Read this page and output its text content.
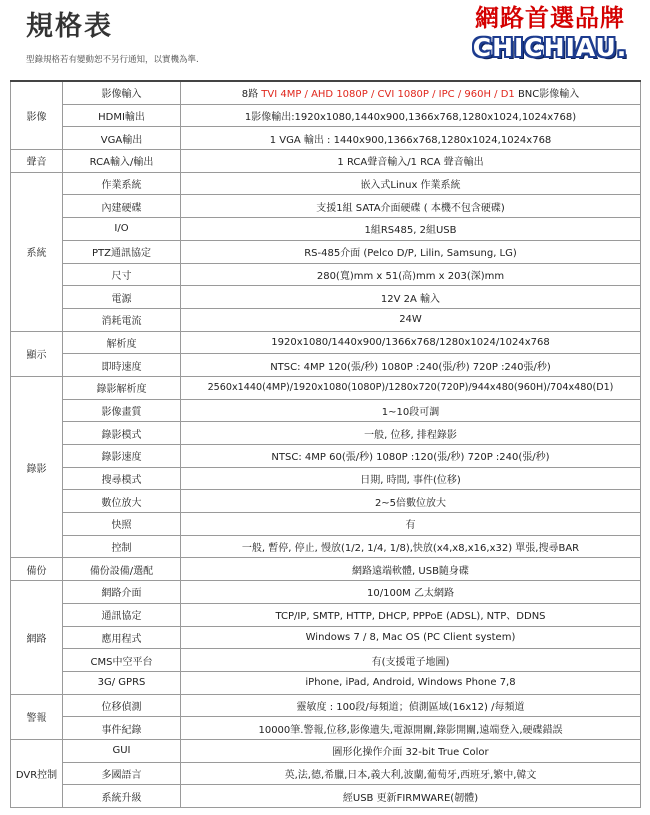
規格表
型錄規格若有變動恕不另行通知，以實機為準.
網路首選品牌
CHICHIAU.
影像	影像輸入	8路 TVI 4MP / AHD 1080P / CVI 1080P / IPC / 960H / D1 BNC影像輸入
	HDMI輸出	1影像輸出:1920x1080,1440x900,1366x768,1280x1024,1024x768)
	VGA輸出	1 VGA 輸出 : 1440x900,1366x768,1280x1024,1024x768
聲音	RCA輸入/輸出	1 RCA聲音輸入/1 RCA 聲音輸出
系統	作業系統	嵌入式Linux 作業系統
	內建硬碟	支援1組 SATA介面硬碟 ( 本機不包含硬碟)
	I/O	1組RS485, 2組USB
	PTZ通訊協定	RS-485介面 (Pelco D/P, Lilin, Samsung, LG)
	尺寸	280(寬)mm x 51(高)mm x 203(深)mm
	電源	12V 2A 輸入
	消耗電流	24W
顯示	解析度	1920x1080/1440x900/1366x768/1280x1024/1024x768
	即時速度	NTSC: 4MP 120(張/秒) 1080P :240(張/秒) 720P :240張/秒)
錄影	錄影解析度	2560x1440(4MP)/1920x1080(1080P)/1280x720(720P)/944x480(960H)/704x480(D1)
	影像畫質	1~10段可調
	錄影模式	一般, 位移, 排程錄影
	錄影速度	NTSC: 4MP 60(張/秒) 1080P :120(張/秒) 720P :240(張/秒)
	搜尋模式	日期, 時間, 事件(位移)
	數位放大	2~5倍數位放大
	快照	有
	控制	一般, 暫停, 停止, 慢放(1/2, 1/4, 1/8),快放(x4,x8,x16,x32) 單張,搜尋BAR
備份	備份設備/選配	網路遠端軟體, USB隨身碟
網路	網路介面	10/100M 乙太網路
	通訊協定	TCP/IP, SMTP, HTTP, DHCP, PPPoE (ADSL), NTP、DDNS
	應用程式	Windows 7 / 8, Mac OS (PC Client system)
	CMS中空平台	有(支援電子地圖)
	3G/ GPRS	iPhone, iPad, Android, Windows Phone 7,8
警報	位移偵測	靈敏度 : 100段/每頻道；偵測區域(16x12) /每頻道
	事件紀錄	10000筆.警報,位移,影像遺失,電源開關,錄影開關,遠端登入,硬碟錯誤
DVR控制	GUI	圖形化操作介面 32-bit True Color
	多國語言	英,法,德,希臘,日本,義大利,波蘭,葡萄牙,西班牙,繁中,韓文
	系統升級	經USB 更新FIRMWARE(韌體)
